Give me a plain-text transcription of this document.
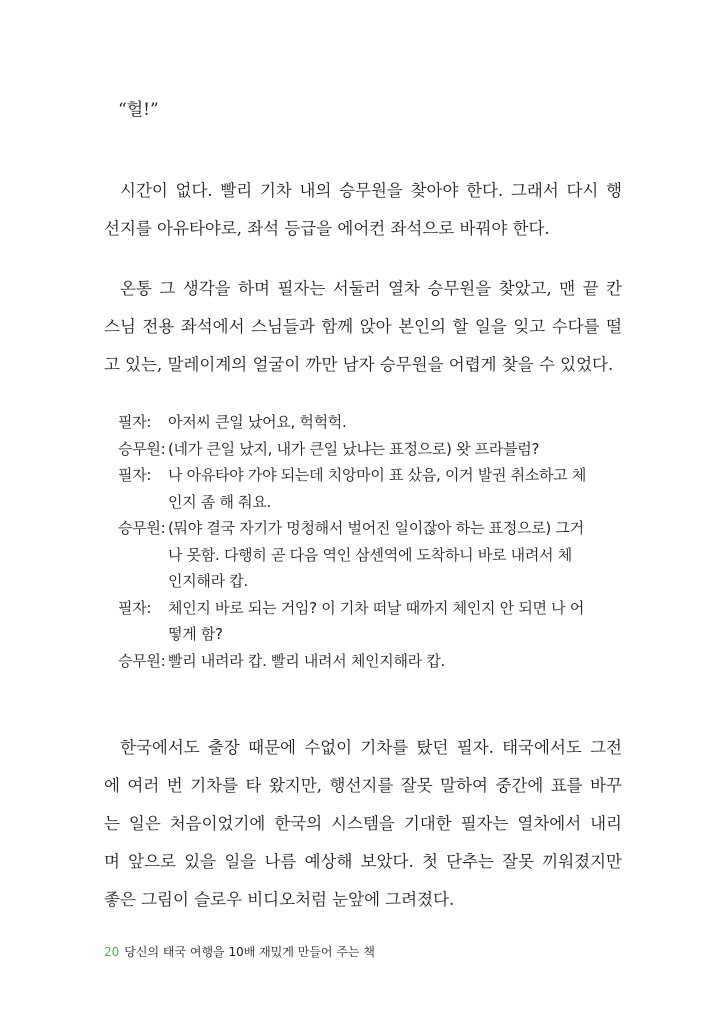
“헐!”
시간이 없다. 빨리 기차 내의 승무원을 찾아야 한다. 그래서 다시 행
선지를 아유타야로, 좌석 등급을 에어컨 좌석으로 바꿔야 한다.
온통 그 생각을 하며 필자는 서둘러 열차 승무원을 찾았고, 맨 끝 칸
스님 전용 좌석에서 스님들과 함께 앉아 본인의 할 일을 잊고 수다를 떨
고 있는, 말레이계의 얼굴이 까만 남자 승무원을 어렵게 찾을 수 있었다.
필자:	아저씨 큰일 났어요, 헉헉헉.
승무원: (네가 큰일 났지, 내가 큰일 났냐는 표정으로) 왓 프라블럼?
필자:	나 아유타야 가야 되는데 치앙마이 표 샀음, 이거 발권 취소하고 체
인지 좀 해 줘요.
승무원: (뭐야 결국 자기가 멍청해서 벌어진 일이잖아 하는 표정으로) 그거
나 못함. 다행히 곧 다음 역인 삼센역에 도착하니 바로 내려서 체
인지해라 캅.
필자:	체인지 바로 되는 거임? 이 기차 떠날 때까지 체인지 안 되면 나 어
떻게 함?
승무원: 빨리 내려라 캅. 빨리 내려서 체인지해라 캅.
한국에서도 출장 때문에 수없이 기차를 탔던 필자. 태국에서도 그전
에 여러 번 기차를 타 왔지만, 행선지를 잘못 말하여 중간에 표를 바꾸
는 일은 처음이었기에 한국의 시스템을 기대한 필자는 열차에서 내리
며 앞으로 있을 일을 나름 예상해 보았다. 첫 단추는 잘못 끼워졌지만
좋은 그림이 슬로우 비디오처럼 눈앞에 그려졌다.
20 당신의 태국 여행을 10배 재밌게 만들어 주는 책
